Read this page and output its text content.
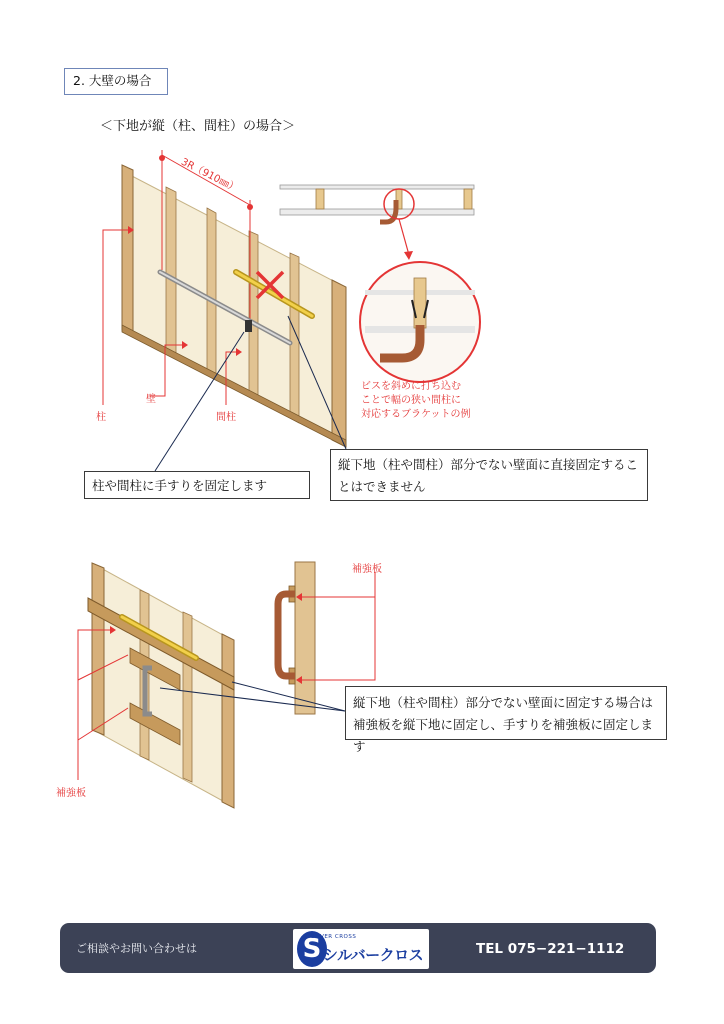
2. 大壁の場合
＜下地が縦（柱、間柱）の場合＞
3R（910㎜）
柱
壁
間柱
ビスを斜めに打ち込む
ことで幅の狭い間柱に
対応するブラケットの例
補強板
補強板
柱や間柱に手すりを固定します
縦下地（柱や間柱）部分でない壁面に直接固定することはできません
縦下地（柱や間柱）部分でない壁面に固定する場合は補強板を縦下地に固定し、手すりを補強板に固定します
ご相談やお問い合わせは	S
SILVER CROSS
シルバークロス	TEL 075−221−1112
